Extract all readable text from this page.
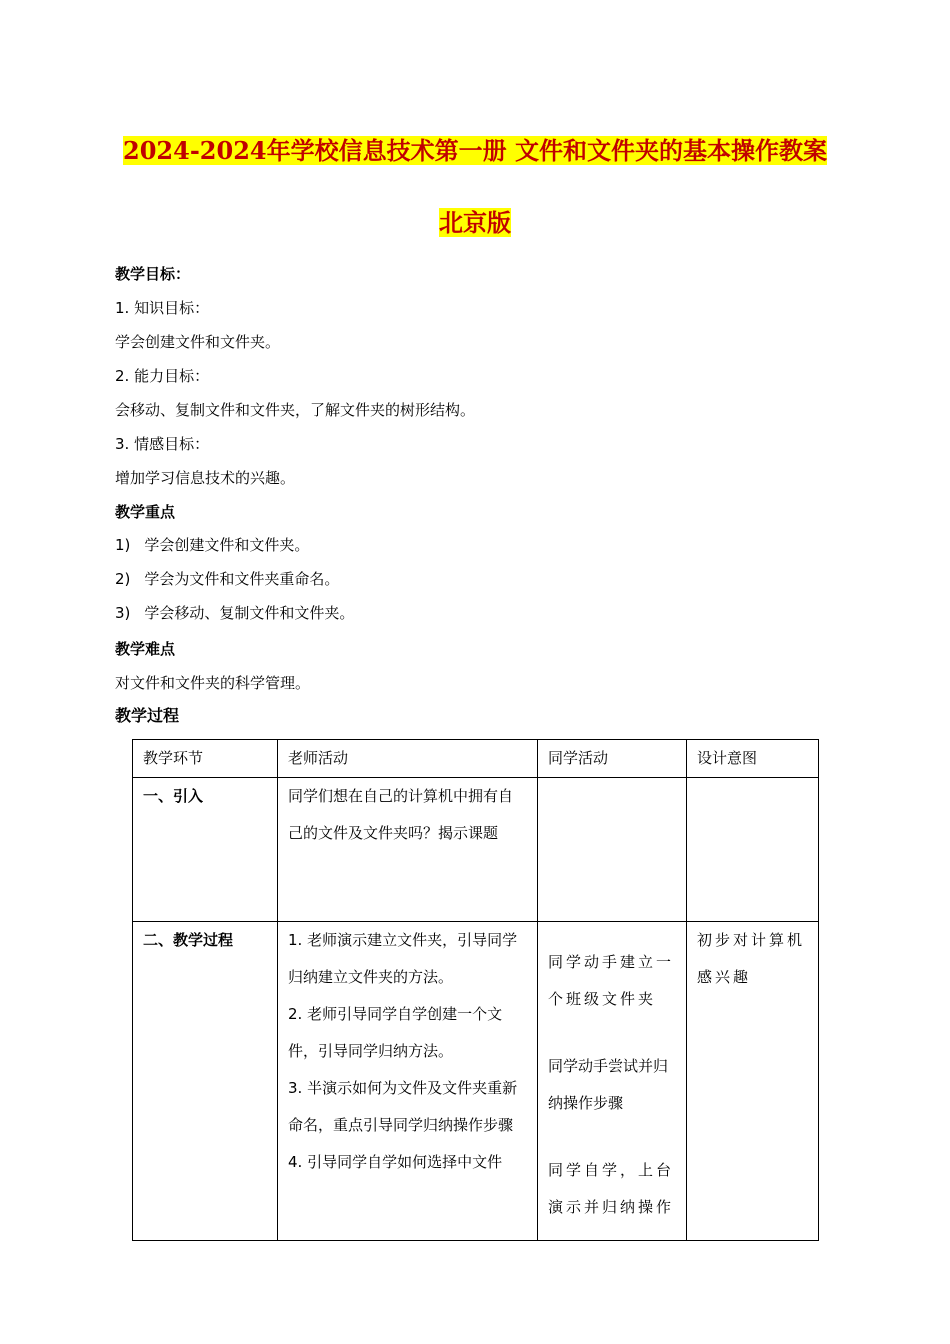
2024-2024年学校信息技术第一册 文件和文件夹的基本操作教案
北京版
教学目标：
1. 知识目标：
学会创建文件和文件夹。
2. 能力目标：
会移动、复制文件和文件夹，了解文件夹的树形结构。
3. 情感目标：
增加学习信息技术的兴趣。
教学重点
1) 学会创建文件和文件夹。
2) 学会为文件和文件夹重命名。
3) 学会移动、复制文件和文件夹。
教学难点
对文件和文件夹的科学管理。
教学过程
教学环节	老师活动	同学活动	设计意图
一、引入	同学们想在自己的计算机中拥有自己的文件及文件夹吗？揭示课题		

二、教学过程	1. 老师演示建立文件夹，引导同学归纳建立文件夹的方法。
2. 老师引导同学自学创建一个文件，引导同学归纳方法。
3. 半演示如何为文件及文件夹重新命名，重点引导同学归纳操作步骤
4. 引导同学自学如何选择中文件	同学动手建立一个班级文件夹
同学动手尝试并归纳操作步骤
同学自学，上台演示并归纳操作	初步对计算机感兴趣
